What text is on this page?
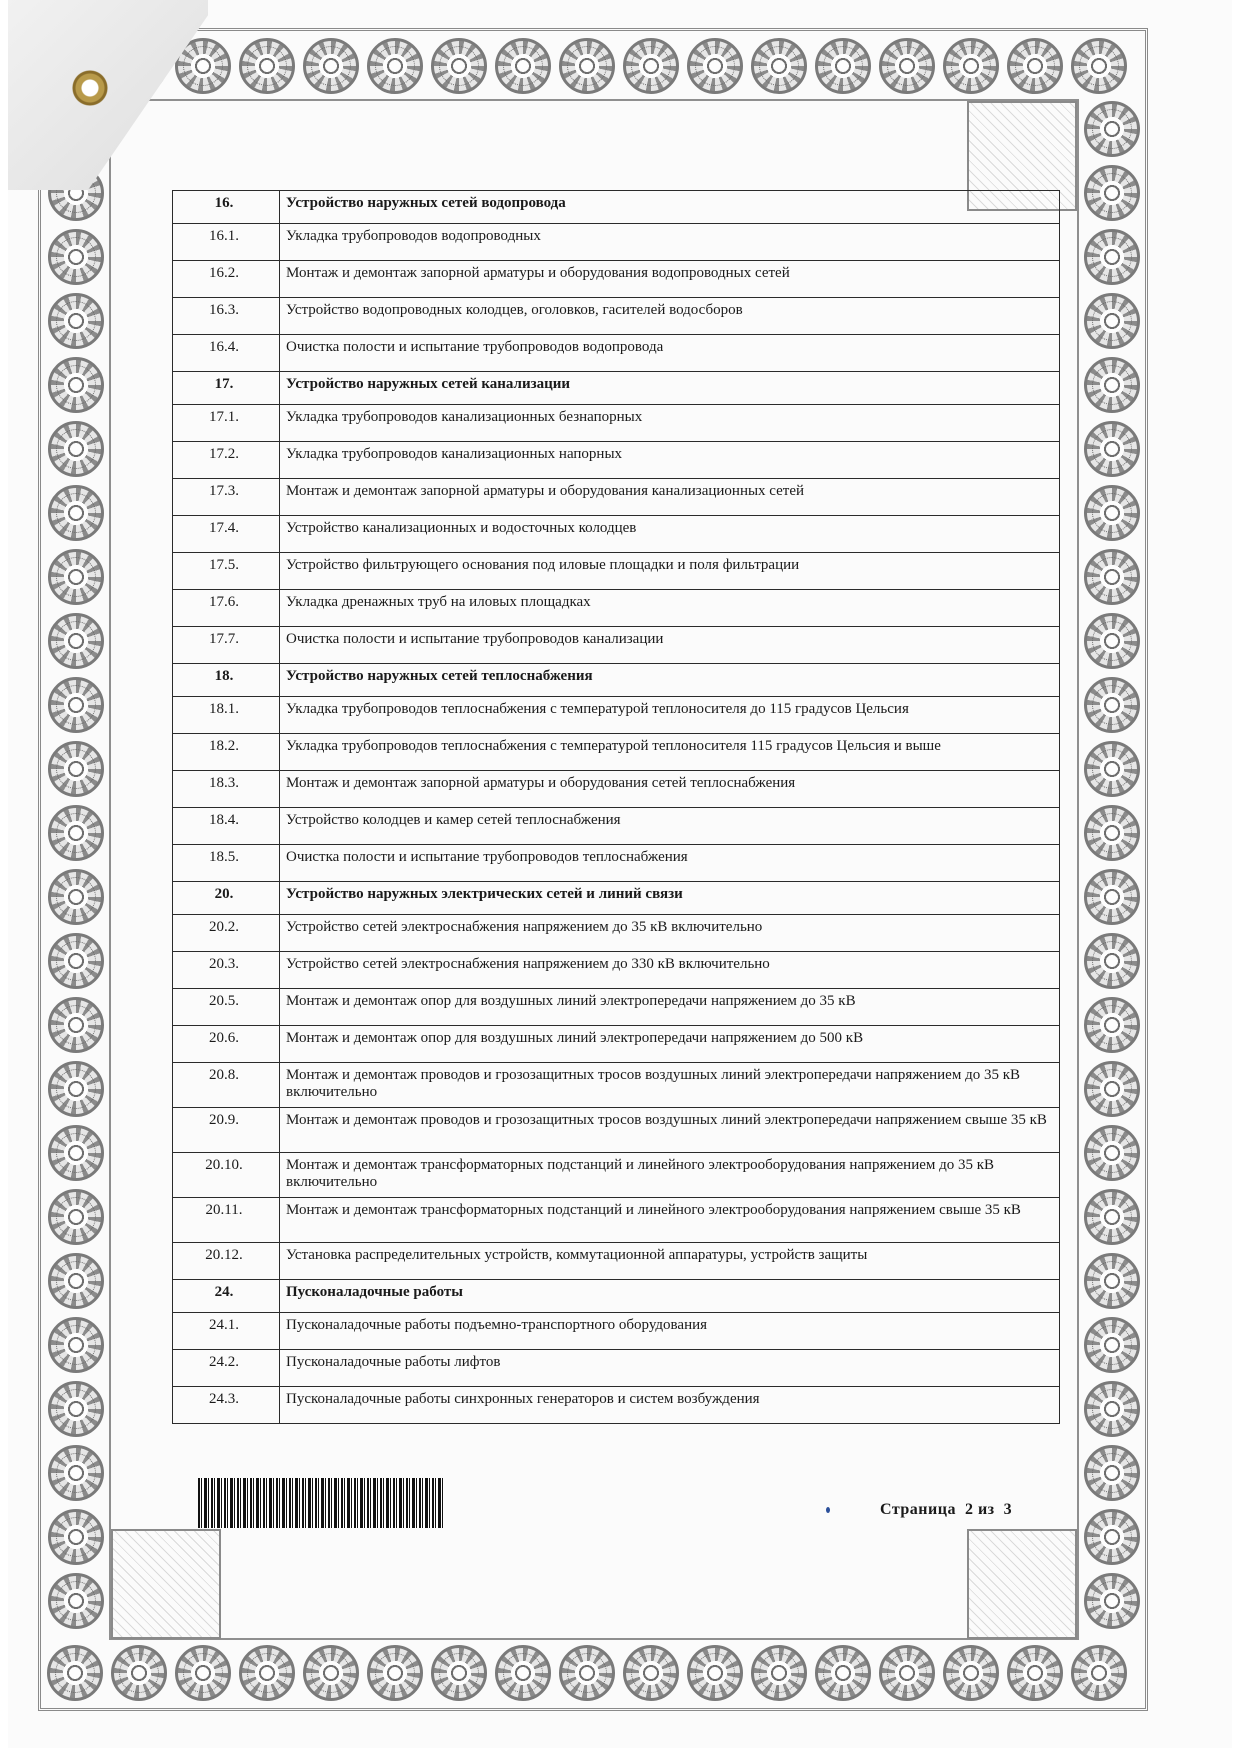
16.	Устройство наружных сетей водопровода
16.1.	Укладка трубопроводов водопроводных
16.2.	Монтаж и демонтаж запорной арматуры и оборудования водопроводных сетей
16.3.	Устройство водопроводных колодцев, оголовков, гасителей водосборов
16.4.	Очистка полости и испытание трубопроводов водопровода
17.	Устройство наружных сетей канализации
17.1.	Укладка трубопроводов канализационных безнапорных
17.2.	Укладка трубопроводов канализационных напорных
17.3.	Монтаж и демонтаж запорной арматуры и оборудования канализационных сетей
17.4.	Устройство канализационных и водосточных колодцев
17.5.	Устройство фильтрующего основания под иловые площадки и поля фильтрации
17.6.	Укладка дренажных труб на иловых площадках
17.7.	Очистка полости и испытание трубопроводов канализации
18.	Устройство наружных сетей теплоснабжения
18.1.	Укладка трубопроводов теплоснабжения с температурой теплоносителя до 115 градусов Цельсия
18.2.	Укладка трубопроводов теплоснабжения с температурой теплоносителя 115 градусов Цельсия и выше
18.3.	Монтаж и демонтаж запорной арматуры и оборудования сетей теплоснабжения
18.4.	Устройство колодцев и камер сетей теплоснабжения
18.5.	Очистка полости и испытание трубопроводов теплоснабжения
20.	Устройство наружных электрических сетей и линий связи
20.2.	Устройство сетей электроснабжения напряжением до 35 кВ включительно
20.3.	Устройство сетей электроснабжения напряжением до 330 кВ включительно
20.5.	Монтаж и демонтаж опор для воздушных линий электропередачи напряжением до 35 кВ
20.6.	Монтаж и демонтаж опор для воздушных линий электропередачи напряжением до 500 кВ
20.8.	Монтаж и демонтаж проводов и грозозащитных тросов воздушных линий электропередачи напряжением до 35 кВ включительно
20.9.	Монтаж и демонтаж проводов и грозозащитных тросов воздушных линий электропередачи напряжением свыше 35 кВ
20.10.	Монтаж и демонтаж трансформаторных подстанций и линейного электрооборудования напряжением до 35 кВ включительно
20.11.	Монтаж и демонтаж трансформаторных подстанций и линейного электрооборудования напряжением свыше 35 кВ
20.12.	Установка распределительных устройств, коммутационной аппаратуры, устройств защиты
24.	Пусконаладочные работы
24.1.	Пусконаладочные работы подъемно-транспортного оборудования
24.2.	Пусконаладочные работы лифтов
24.3.	Пусконаладочные работы синхронных генераторов и систем возбуждения
Страница  2 из  3
